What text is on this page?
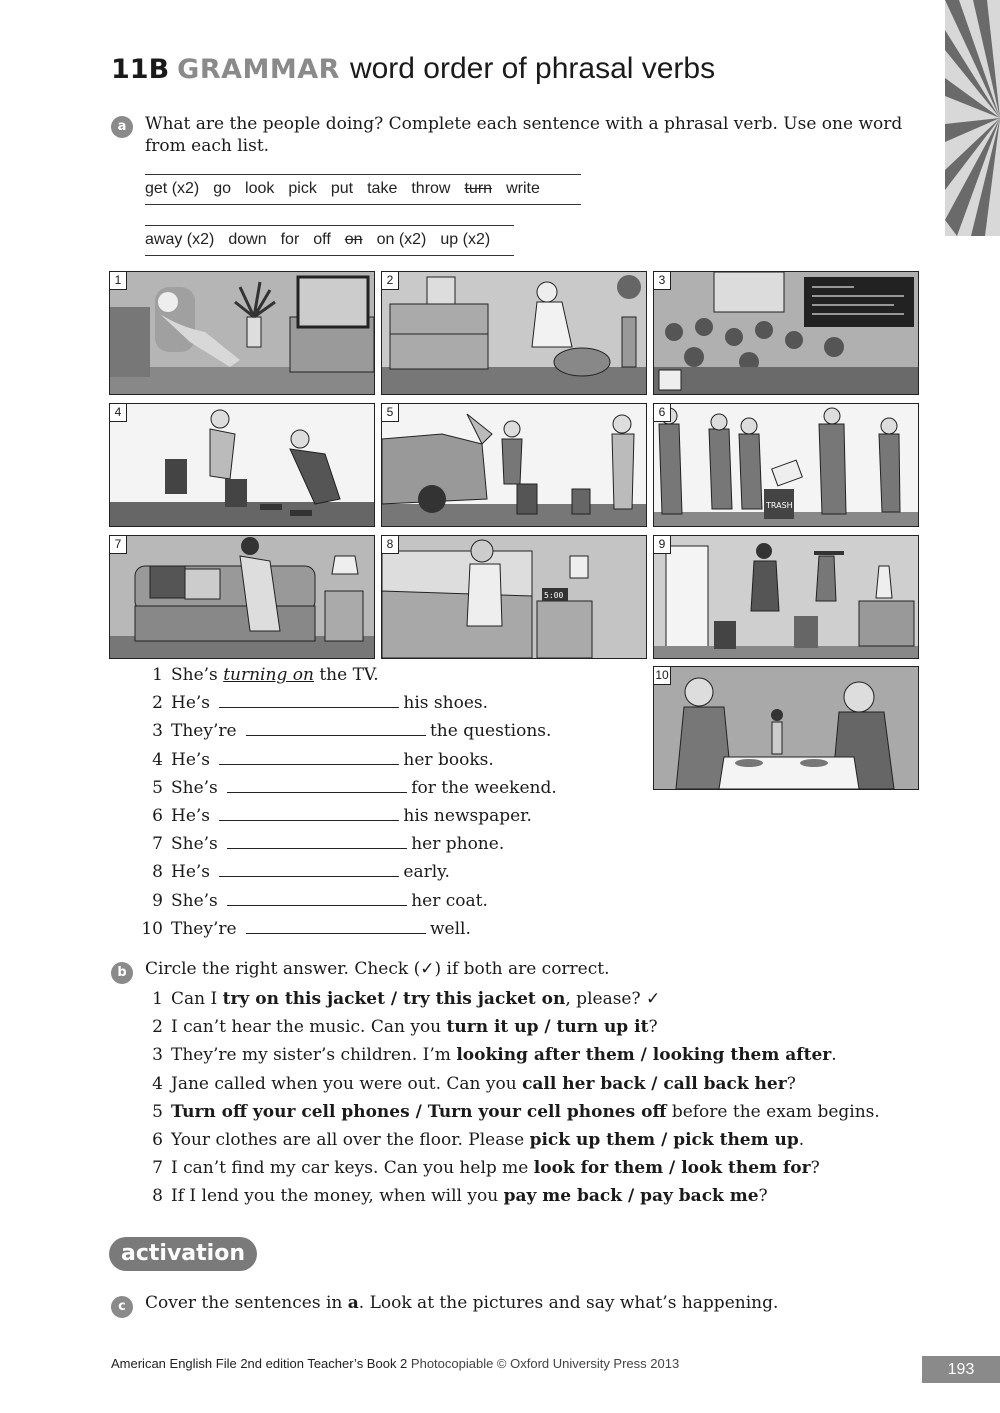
11B GRAMMAR word order of phrasal verbs
a	What are the people doing? Complete each sentence with a phrasal verb. Use one word from each list.
get (x2) go look pick put take throw turn write
away (x2) down for off on on (x2) up (x2)
1	2	3
4	5	6
TRASH
7	8
5:00
9
10
1 She’s turning on the TV.
2 He’s	his shoes.
3 They’re	the questions.
4 He’s	her books.
5 She’s	for the weekend.
6 He’s	his newspaper.
7 She’s	her phone.
8 He’s	early.
9 She’s	her coat.
10 They’re	well.
b	Circle the right answer. Check (✓) if both are correct.
1 Can I try on this jacket / try this jacket on, please? ✓
2 I can’t hear the music. Can you turn it up / turn up it?
3 They’re my sister’s children. I’m looking after them / looking them after.
4 Jane called when you were out. Can you call her back / call back her?
5 Turn off your cell phones / Turn your cell phones off before the exam begins.
6 Your clothes are all over the floor. Please pick up them / pick them up.
7 I can’t find my car keys. Can you help me look for them / look them for?
8 If I lend you the money, when will you pay me back / pay back me?
activation
c	Cover the sentences in a. Look at the pictures and say what’s happening.
American English File 2nd edition Teacher’s Book 2 Photocopiable © Oxford University Press 2013	193
